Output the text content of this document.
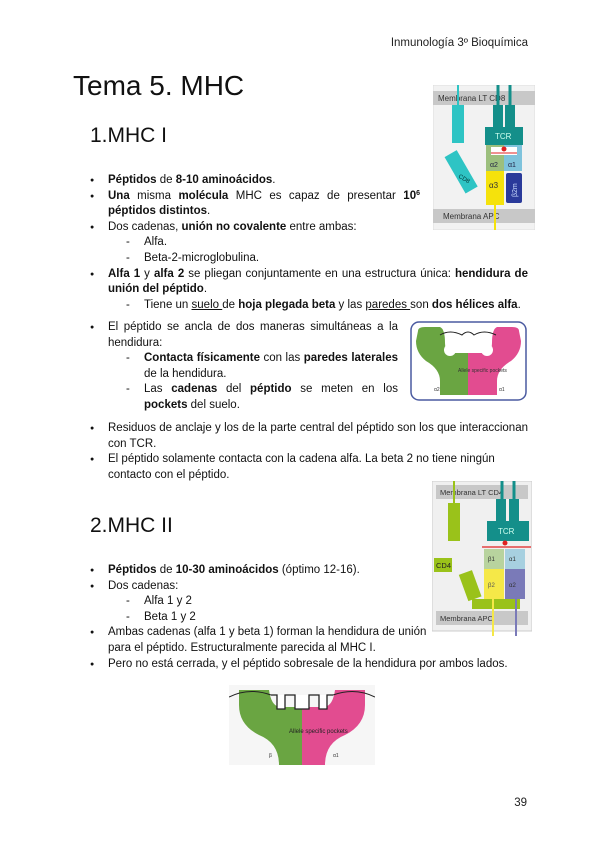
Inmunología 3º Bioquímica
Tema 5. MHC
1.MHC I
● Péptidos de 8-10 aminoácidos.
● Una misma molécula MHC es capaz de presentar $10^6$ péptidos distintos.
● Dos cadenas, unión no covalente entre ambas:
- Alfa.
- Beta-2-microglobulina.
● Alfa 1 y alfa 2 se pliegan conjuntamente en una estructura única: hendidura de unión del péptido.
- Tiene un suelo de hoja plegada beta y las paredes son dos hélices alfa.
● El péptido se ancla de dos maneras simultáneas a la hendidura:
- Contacta físicamente con las paredes laterales de la hendidura.
- Las cadenas del péptido se meten en los pockets del suelo.
● Residuos de anclaje y los de la parte central del péptido son los que interaccionan con TCR.
● El péptido solamente contacta con la cadena alfa. La beta 2 no tiene ningún contacto con el péptido.
Membrana LT CD8
Membrana APC
CD8
TCR
α2 α1
α3 β2m
Allele specific pockets
α2	α1
2.MHC II
● Péptidos de 10-30 aminoácidos (óptimo 12-16).
● Dos cadenas:
- Alfa 1 y 2
- Beta 1 y 2
● Ambas cadenas (alfa 1 y beta 1) forman la hendidura de unión para el péptido. Estructuralmente parecida al MHC I.
● Pero no está cerrada, y el péptido sobresale de la hendidura por ambos lados.
Membrana LT CD4
Membrana APC
CD4
TCR
β1 α1
β2 α2
Allele specific pockets
β	α1
39
